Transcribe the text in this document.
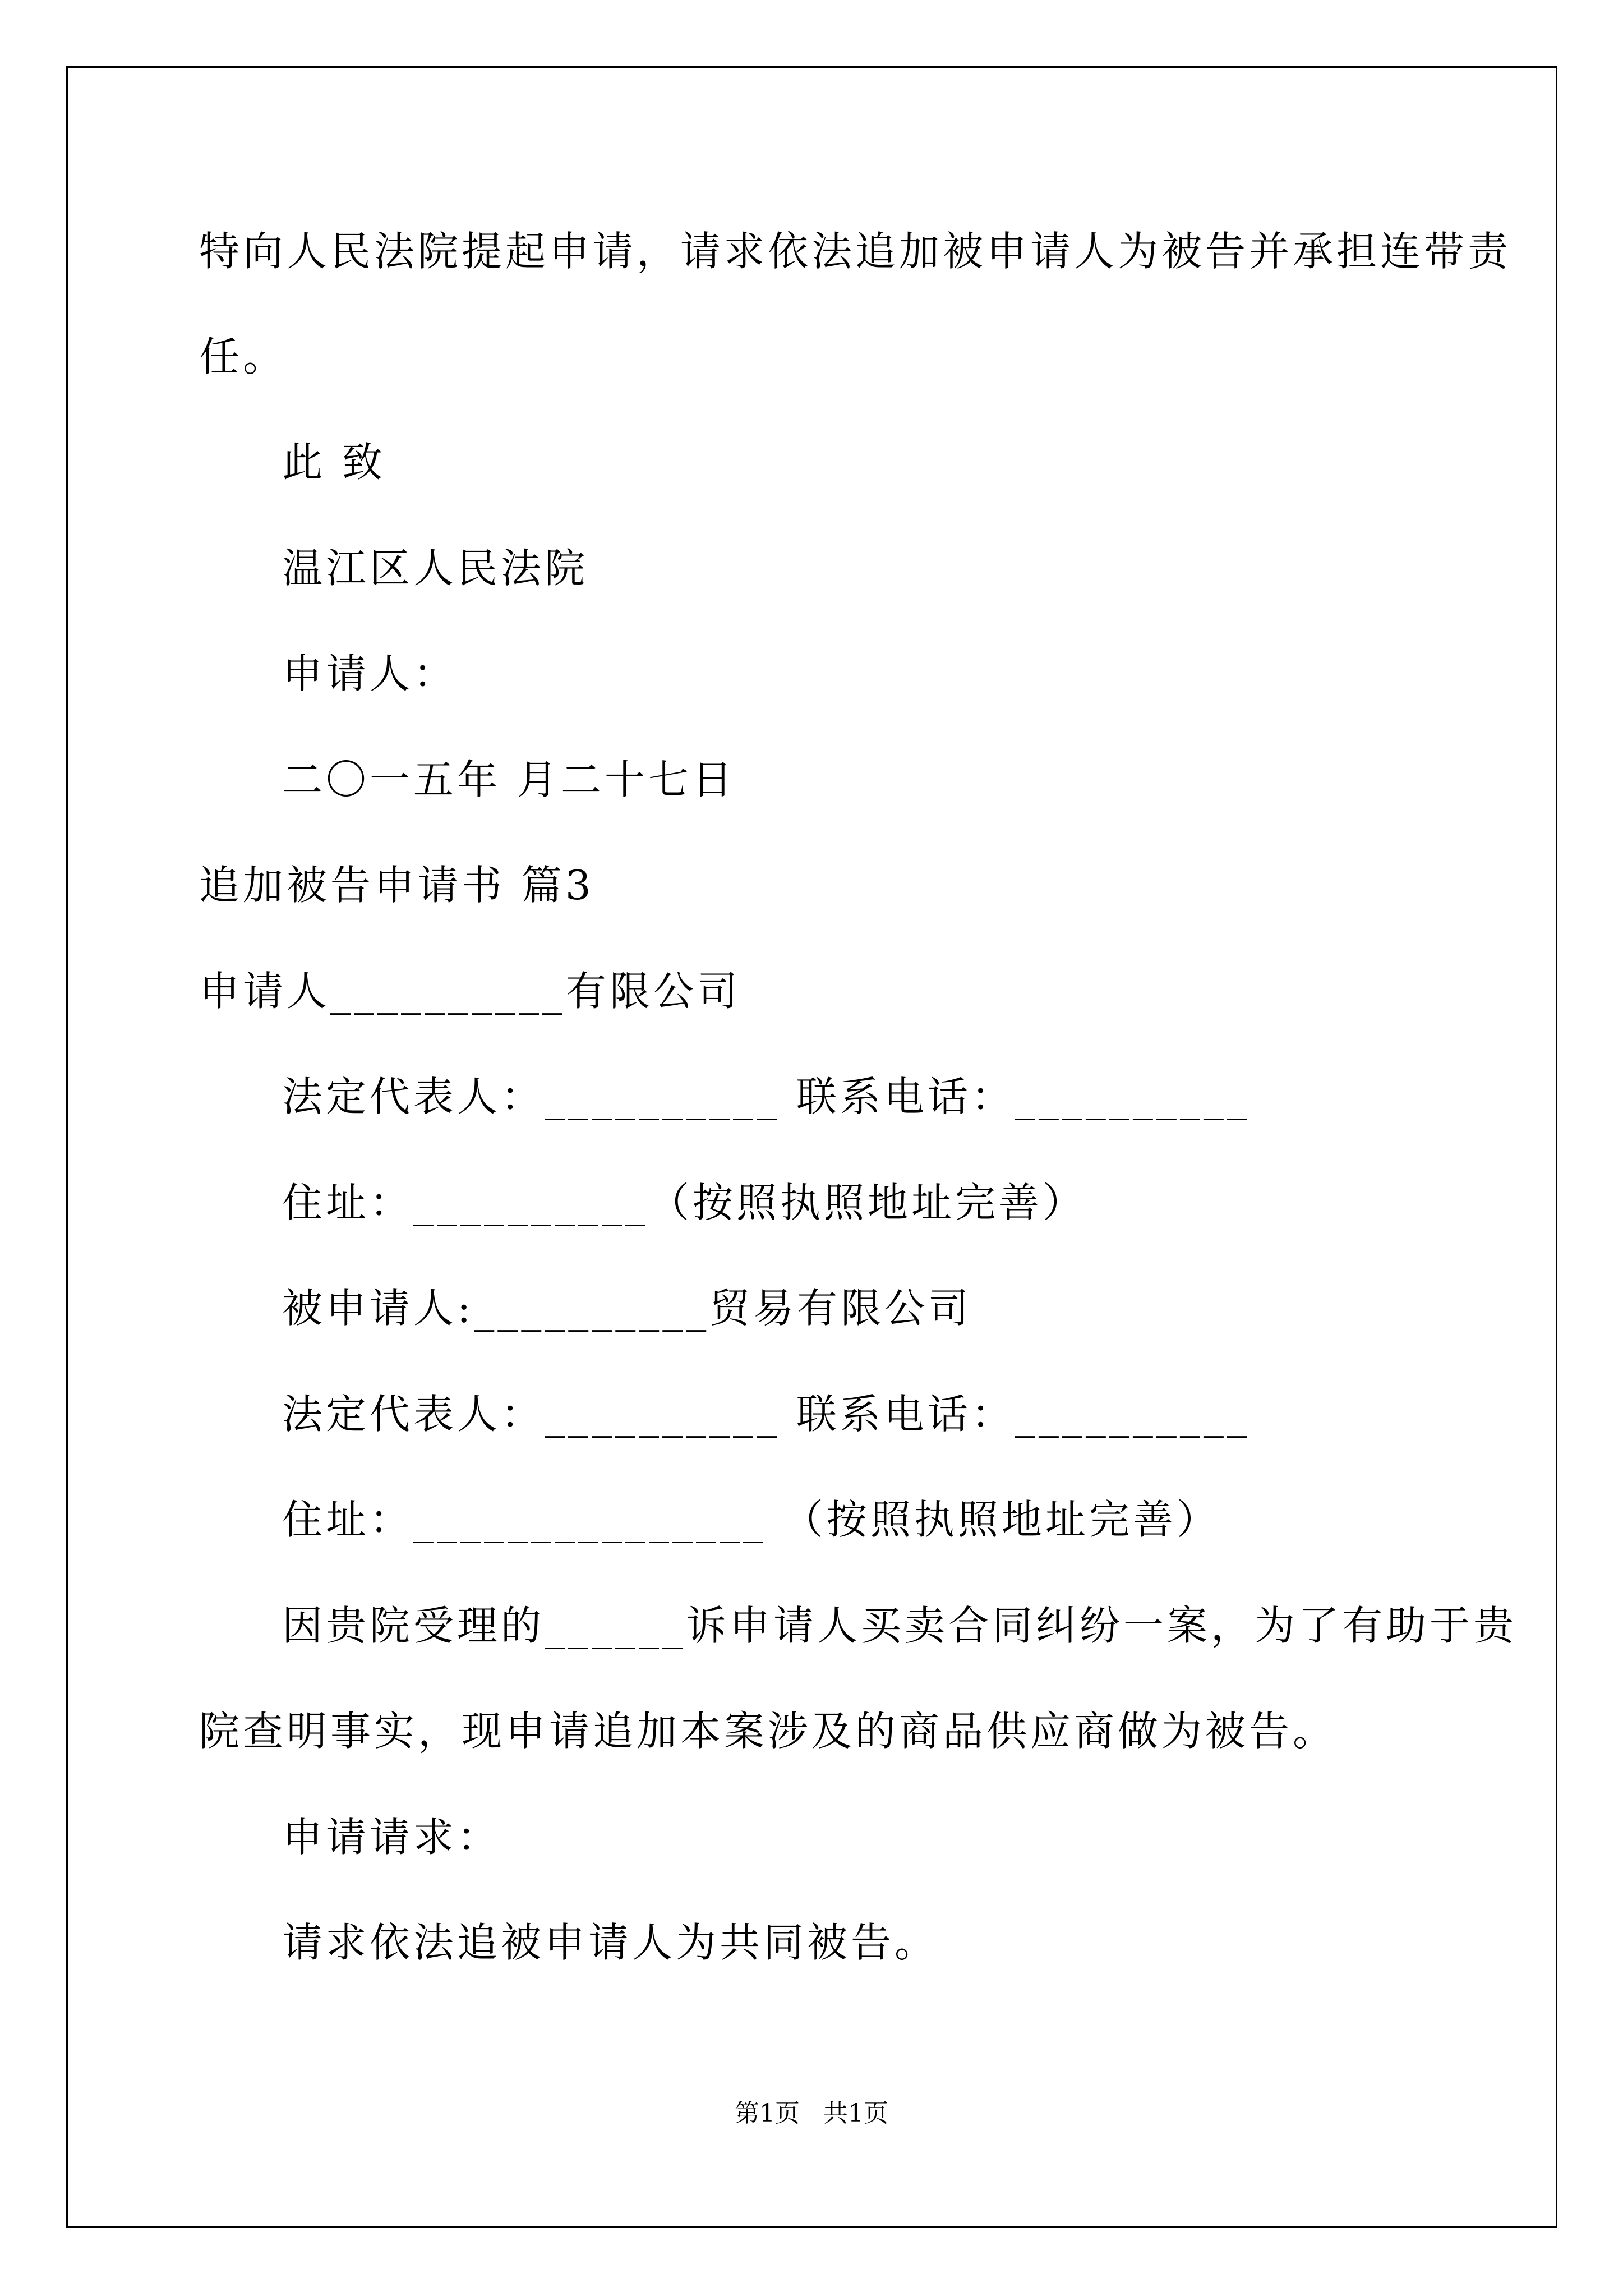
特向人民法院提起申请，请求依法追加被申请人为被告并承担连带责
任。
此 致
温江区人民法院
申请人：
二〇一五年 月二十七日
追加被告申请书 篇3
申请人__________有限公司
法定代表人：__________ 联系电话：__________
住址：__________（按照执照地址完善）
被申请人:__________贸易有限公司
法定代表人：__________ 联系电话：__________
住址：_______________ （按照执照地址完善）
因贵院受理的______诉申请人买卖合同纠纷一案，为了有助于贵
院查明事实，现申请追加本案涉及的商品供应商做为被告。
申请请求：
请求依法追被申请人为共同被告。
第1页   共1页
